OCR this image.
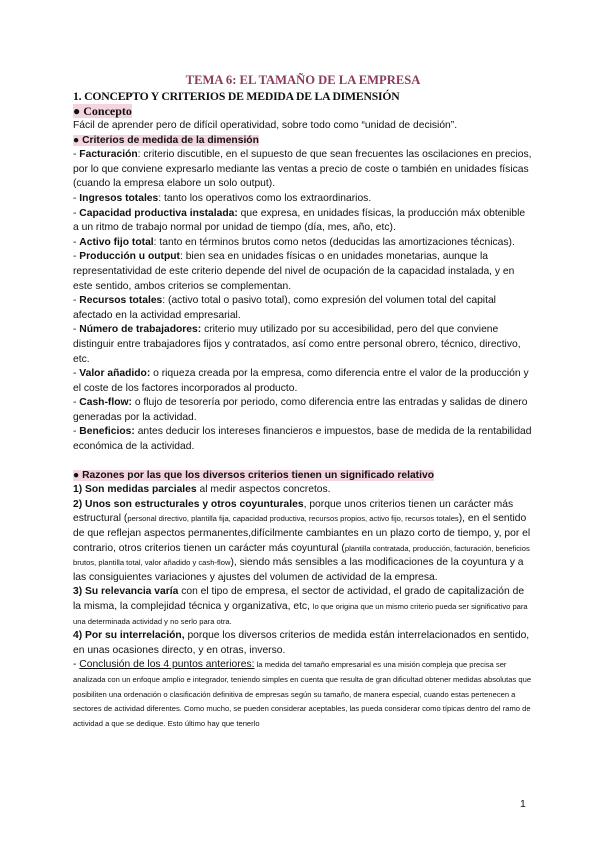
TEMA 6: EL TAMAÑO DE LA EMPRESA

1. CONCEPTO Y CRITERIOS DE MEDIDA DE LA DIMENSIÓN

● Concepto

Fácil de aprender pero de difícil operatividad, sobre todo como “unidad de decisión”.

● Criterios de medida de la dimensión

- Facturación: criterio discutible, en el supuesto de que sean frecuentes las oscilaciones en precios, por lo que conviene expresarlo mediante las ventas a precio de coste o también en unidades físicas (cuando la empresa elabore un solo output).

- Ingresos totales: tanto los operativos como los extraordinarios.

- Capacidad productiva instalada: que expresa, en unidades físicas, la producción máx obtenible a un ritmo de trabajo normal por unidad de tiempo (día, mes, año, etc).

- Activo fijo total: tanto en términos brutos como netos (deducidas las amortizaciones técnicas).

- Producción u output: bien sea en unidades físicas o en unidades monetarias, aunque la representatividad de este criterio depende del nivel de ocupación de la capacidad instalada, y en este sentido, ambos criterios se complementan.

- Recursos totales: (activo total o pasivo total), como expresión del volumen total del capital afectado en la actividad empresarial.

- Número de trabajadores: criterio muy utilizado por su accesibilidad, pero del que conviene distinguir entre trabajadores fijos y contratados, así como entre personal obrero, técnico, directivo, etc.

- Valor añadido: o riqueza creada por la empresa, como diferencia entre el valor de la producción y el coste de los factores incorporados al producto.

- Cash-flow: o flujo de tesorería por periodo, como diferencia entre las entradas y salidas de dinero generadas por la actividad.

- Beneficios: antes deducir los intereses financieros e impuestos, base de medida de la rentabilidad económica de la actividad.

● Razones por las que los diversos criterios tienen un significado relativo

1) Son medidas parciales al medir aspectos concretos.

2) Unos son estructurales y otros coyunturales, porque unos criterios tienen un carácter más estructural (personal directivo, plantilla fija, capacidad productiva, recursos propios, activo fijo, recursos totales), en el sentido de que reflejan aspectos permanentes,difícilmente cambiantes en un plazo corto de tiempo, y, por el contrario, otros criterios tienen un carácter más coyuntural (plantilla contratada, producción, facturación, beneficios brutos, plantilla total, valor añadido y cash-flow), siendo más sensibles a las modificaciones de la coyuntura y a las consiguientes variaciones y ajustes del volumen de actividad de la empresa.

3) Su relevancia varía con el tipo de empresa, el sector de actividad, el grado de capitalización de la misma, la complejidad técnica y organizativa, etc, lo que origina que un mismo criterio pueda ser significativo para una determinada actividad y no serlo para otra.

4) Por su interrelación, porque los diversos criterios de medida están interrelacionados en sentido, en unas ocasiones directo, y en otras, inverso.

- Conclusión de los 4 puntos anteriores: la medida del tamaño empresarial es una misión compleja que precisa ser analizada con un enfoque amplio e integrador, teniendo simples en cuenta que resulta de gran dificultad obtener medidas absolutas que posibiliten una ordenación o clasificación definitiva de empresas según su tamaño, de manera especial, cuando estas pertenecen a sectores de actividad diferentes. Como mucho, se pueden considerar aceptables, las pueda considerar como típicas dentro del ramo de actividad a que se dedique. Esto último hay que tenerlo

1
